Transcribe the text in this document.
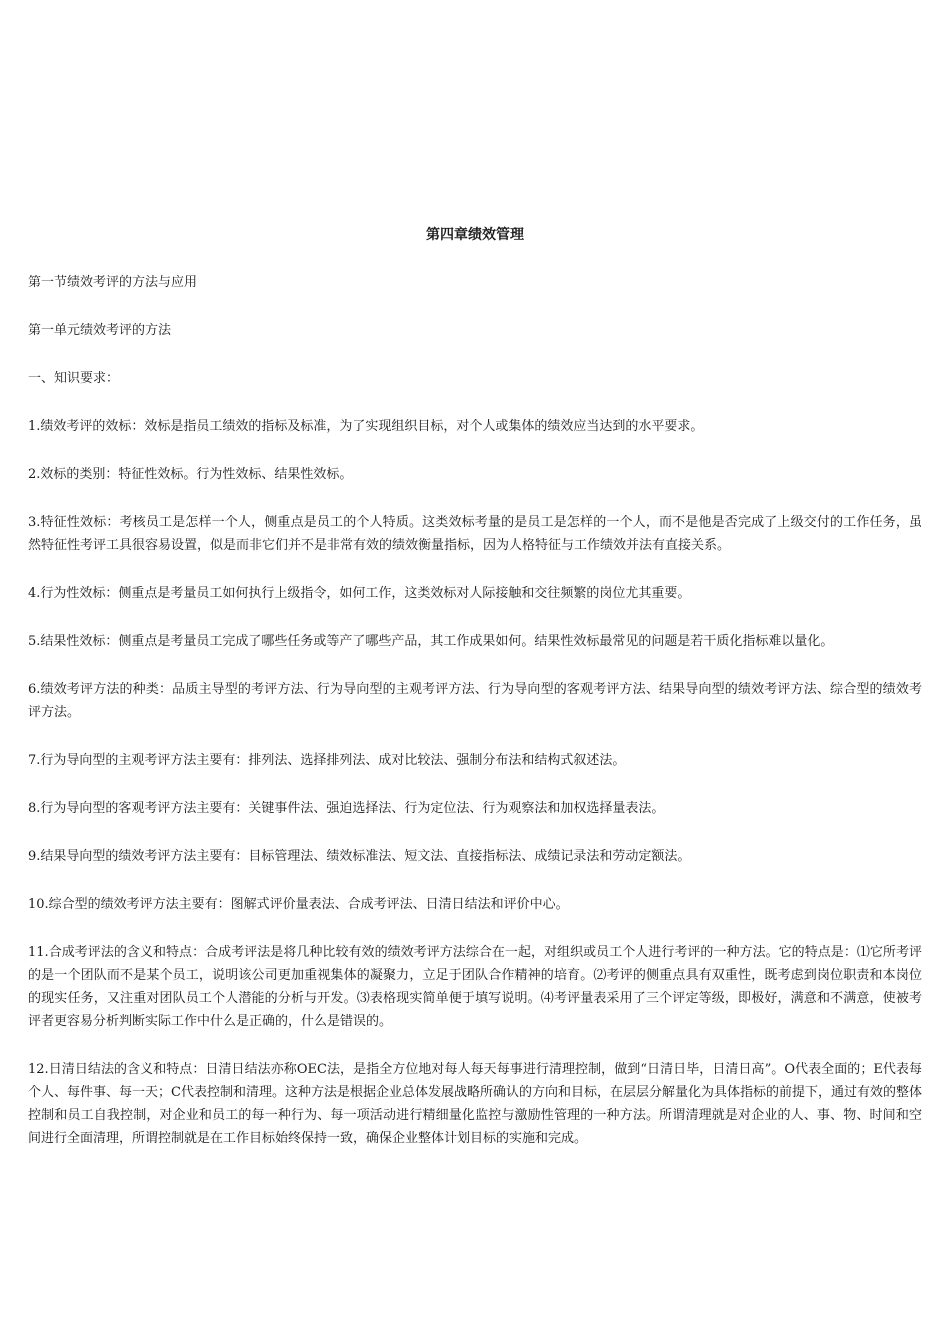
第四章绩效管理

第一节绩效考评的方法与应用

第一单元绩效考评的方法

一、知识要求：

1.绩效考评的效标：效标是指员工绩效的指标及标准，为了实现组织目标，对个人或集体的绩效应当达到的水平要求。

2.效标的类别：特征性效标。行为性效标、结果性效标。

3.特征性效标：考核员工是怎样一个人，侧重点是员工的个人特质。这类效标考量的是员工是怎样的一个人，而不是他是否完成了上级交付的工作任务，虽然特征性考评工具很容易设置，似是而非它们并不是非常有效的绩效衡量指标，因为人格特征与工作绩效并法有直接关系。

4.行为性效标：侧重点是考量员工如何执行上级指令，如何工作，这类效标对人际接触和交往频繁的岗位尤其重要。

5.结果性效标：侧重点是考量员工完成了哪些任务或等产了哪些产品，其工作成果如何。结果性效标最常见的问题是若干质化指标难以量化。

6.绩效考评方法的种类：品质主导型的考评方法、行为导向型的主观考评方法、行为导向型的客观考评方法、结果导向型的绩效考评方法、综合型的绩效考评方法。

7.行为导向型的主观考评方法主要有：排列法、选择排列法、成对比较法、强制分布法和结构式叙述法。

8.行为导向型的客观考评方法主要有：关键事件法、强迫选择法、行为定位法、行为观察法和加权选择量表法。

9.结果导向型的绩效考评方法主要有：目标管理法、绩效标准法、短文法、直接指标法、成绩记录法和劳动定额法。

10.综合型的绩效考评方法主要有：图解式评价量表法、合成考评法、日清日结法和评价中心。

11.合成考评法的含义和特点：合成考评法是将几种比较有效的绩效考评方法综合在一起，对组织或员工个人进行考评的一种方法。它的特点是：⑴它所考评的是一个团队而不是某个员工，说明该公司更加重视集体的凝聚力，立足于团队合作精神的培育。⑵考评的侧重点具有双重性，既考虑到岗位职责和本岗位的现实任务，又注重对团队员工个人潜能的分析与开发。⑶表格现实简单便于填写说明。⑷考评量表采用了三个评定等级，即极好，满意和不满意，使被考评者更容易分析判断实际工作中什么是正确的，什么是错误的。

12.日清日结法的含义和特点：日清日结法亦称OEC法，是指全方位地对每人每天每事进行清理控制，做到“日清日毕，日清日高”。O代表全面的；E代表每个人、每件事、每一天；C代表控制和清理。这种方法是根据企业总体发展战略所确认的方向和目标，在层层分解量化为具体指标的前提下，通过有效的整体控制和员工自我控制，对企业和员工的每一种行为、每一项活动进行精细量化监控与激励性管理的一种方法。所谓清理就是对企业的人、事、物、时间和空间进行全面清理，所谓控制就是在工作目标始终保持一致，确保企业整体计划目标的实施和完成。
